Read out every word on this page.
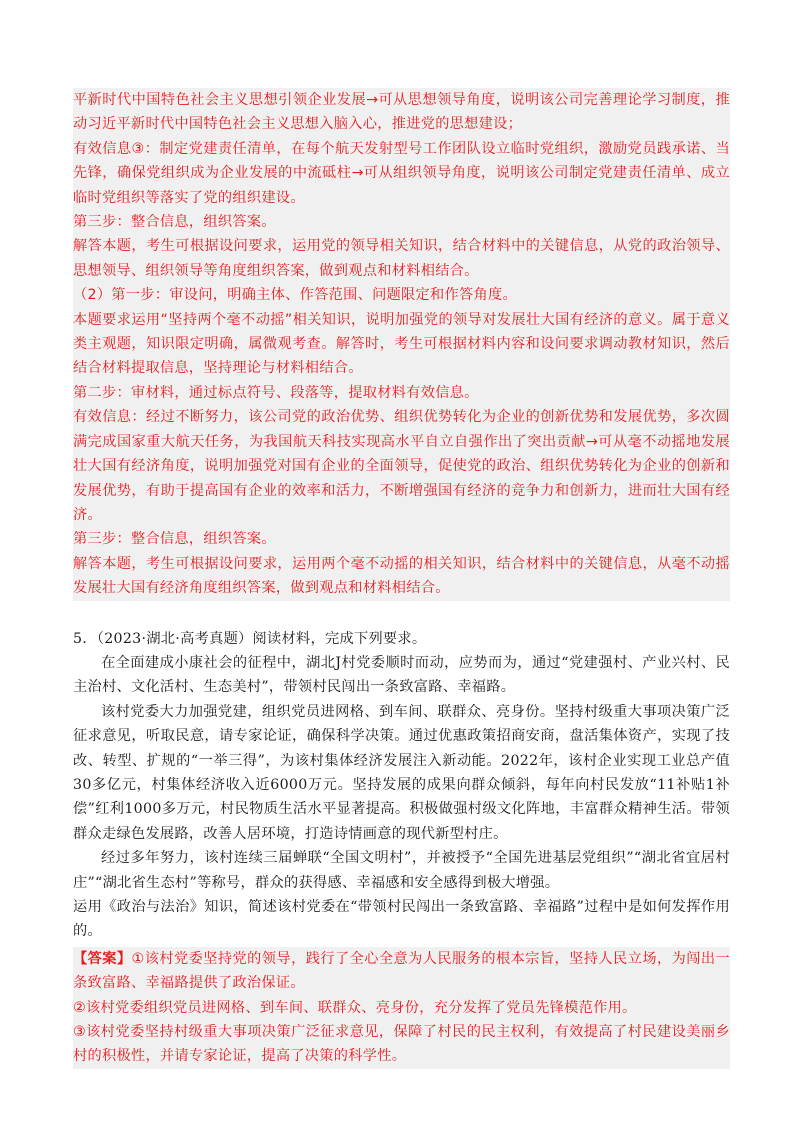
平新时代中国特色社会主义思想引领企业发展→可从思想领导角度，说明该公司完善理论学习制度，推动习近平新时代中国特色社会主义思想入脑入心，推进党的思想建设；

有效信息③：制定党建责任清单，在每个航天发射型号工作团队设立临时党组织，激励党员践承诺、当先锋，确保党组织成为企业发展的中流砥柱→可从组织领导角度，说明该公司制定党建责任清单、成立临时党组织等落实了党的组织建设。

第三步：整合信息，组织答案。

解答本题，考生可根据设问要求，运用党的领导相关知识，结合材料中的关键信息，从党的政治领导、思想领导、组织领导等角度组织答案，做到观点和材料相结合。

（2）第一步：审设问，明确主体、作答范围、问题限定和作答角度。

本题要求运用“坚持两个毫不动摇”相关知识，说明加强党的领导对发展壮大国有经济的意义。属于意义类主观题，知识限定明确，属微观考查。解答时，考生可根据材料内容和设问要求调动教材知识，然后结合材料提取信息，坚持理论与材料相结合。

第二步：审材料，通过标点符号、段落等，提取材料有效信息。

有效信息：经过不断努力，该公司党的政治优势、组织优势转化为企业的创新优势和发展优势，多次圆满完成国家重大航天任务，为我国航天科技实现高水平自立自强作出了突出贡献→可从毫不动摇地发展壮大国有经济角度，说明加强党对国有企业的全面领导，促使党的政治、组织优势转化为企业的创新和发展优势，有助于提高国有企业的效率和活力，不断增强国有经济的竞争力和创新力，进而壮大国有经济。

第三步：整合信息，组织答案。

解答本题，考生可根据设问要求，运用两个毫不动摇的相关知识，结合材料中的关键信息，从毫不动摇发展壮大国有经济角度组织答案，做到观点和材料相结合。

5．（2023·湖北·高考真题）阅读材料，完成下列要求。

在全面建成小康社会的征程中，湖北J村党委顺时而动，应势而为，通过“党建强村、产业兴村、民主治村、文化活村、生态美村”，带领村民闯出一条致富路、幸福路。

该村党委大力加强党建，组织党员进网格、到车间、联群众、亮身份。坚持村级重大事项决策广泛征求意见，听取民意，请专家论证，确保科学决策。通过优惠政策招商安商，盘活集体资产，实现了技改、转型、扩规的“一举三得”，为该村集体经济发展注入新动能。2022年，该村企业实现工业总产值30多亿元，村集体经济收入近6000万元。坚持发展的成果向群众倾斜，每年向村民发放“11补贴1补偿”红利1000多万元，村民物质生活水平显著提高。积极做强村级文化阵地，丰富群众精神生活。带领群众走绿色发展路，改善人居环境，打造诗情画意的现代新型村庄。

经过多年努力，该村连续三届蝉联“全国文明村”，并被授予“全国先进基层党组织”“湖北省宜居村庄”“湖北省生态村”等称号，群众的获得感、幸福感和安全感得到极大增强。

运用《政治与法治》知识，简述该村党委在“带领村民闯出一条致富路、幸福路”过程中是如何发挥作用的。

【答案】①该村党委坚持党的领导，践行了全心全意为人民服务的根本宗旨，坚持人民立场，为闯出一条致富路、幸福路提供了政治保证。

②该村党委组织党员进网格、到车间、联群众、亮身份，充分发挥了党员先锋模范作用。

③该村党委坚持村级重大事项决策广泛征求意见，保障了村民的民主权利，有效提高了村民建设美丽乡村的积极性，并请专家论证，提高了决策的科学性。
